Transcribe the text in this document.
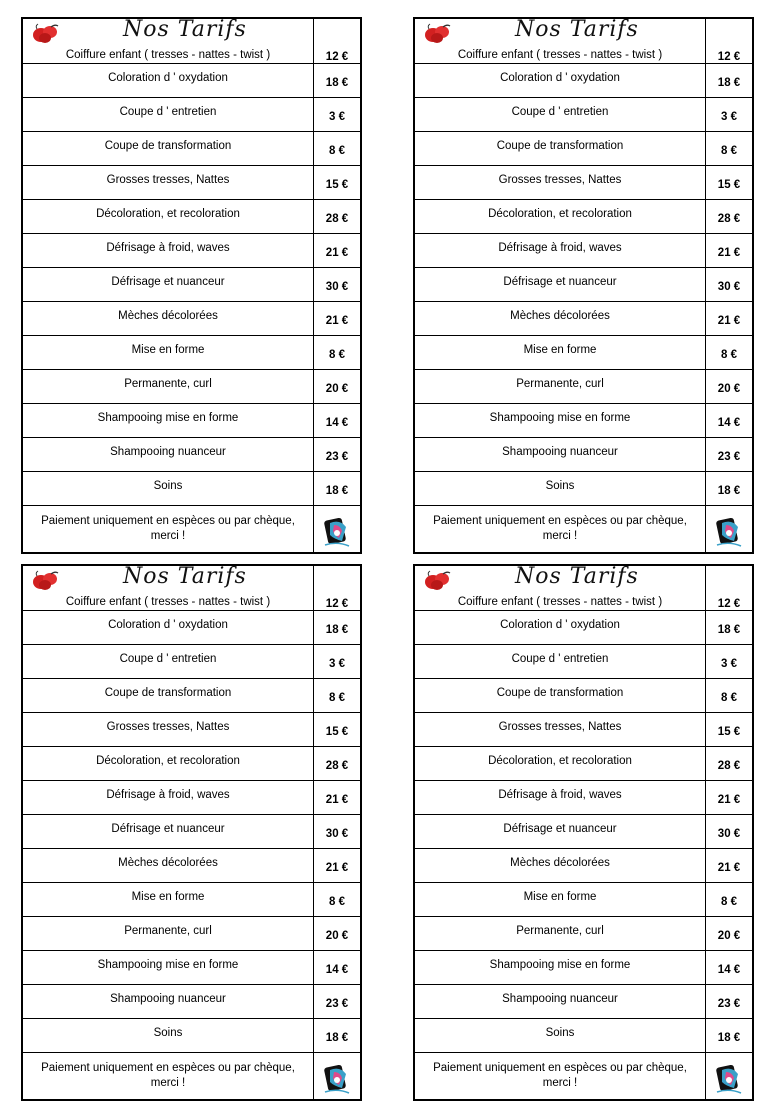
Nos Tarifs
Coiffure enfant ( tresses - nattes - twist )	12 €
Coloration d ' oxydation	18 €
Coupe d ' entretien	3 €
Coupe de transformation	8 €
Grosses tresses, Nattes	15 €
Décoloration, et recoloration	28 €
Défrisage à froid, waves	21 €
Défrisage et nuanceur	30 €
Mèches décolorées	21 €
Mise en forme	8 €
Permanente, curl	20 €
Shampooing mise en forme	14 €
Shampooing nuanceur	23 €
Soins	18 €
Paiement uniquement en espèces ou par chèque,
merci !	
Nos Tarifs
Coiffure enfant ( tresses - nattes - twist )	12 €
Coloration d ' oxydation	18 €
Coupe d ' entretien	3 €
Coupe de transformation	8 €
Grosses tresses, Nattes	15 €
Décoloration, et recoloration	28 €
Défrisage à froid, waves	21 €
Défrisage et nuanceur	30 €
Mèches décolorées	21 €
Mise en forme	8 €
Permanente, curl	20 €
Shampooing mise en forme	14 €
Shampooing nuanceur	23 €
Soins	18 €
Paiement uniquement en espèces ou par chèque,
merci !	
Nos Tarifs
Coiffure enfant ( tresses - nattes - twist )	12 €
Coloration d ' oxydation	18 €
Coupe d ' entretien	3 €
Coupe de transformation	8 €
Grosses tresses, Nattes	15 €
Décoloration, et recoloration	28 €
Défrisage à froid, waves	21 €
Défrisage et nuanceur	30 €
Mèches décolorées	21 €
Mise en forme	8 €
Permanente, curl	20 €
Shampooing mise en forme	14 €
Shampooing nuanceur	23 €
Soins	18 €
Paiement uniquement en espèces ou par chèque,
merci !	
Nos Tarifs
Coiffure enfant ( tresses - nattes - twist )	12 €
Coloration d ' oxydation	18 €
Coupe d ' entretien	3 €
Coupe de transformation	8 €
Grosses tresses, Nattes	15 €
Décoloration, et recoloration	28 €
Défrisage à froid, waves	21 €
Défrisage et nuanceur	30 €
Mèches décolorées	21 €
Mise en forme	8 €
Permanente, curl	20 €
Shampooing mise en forme	14 €
Shampooing nuanceur	23 €
Soins	18 €
Paiement uniquement en espèces ou par chèque,
merci !	
